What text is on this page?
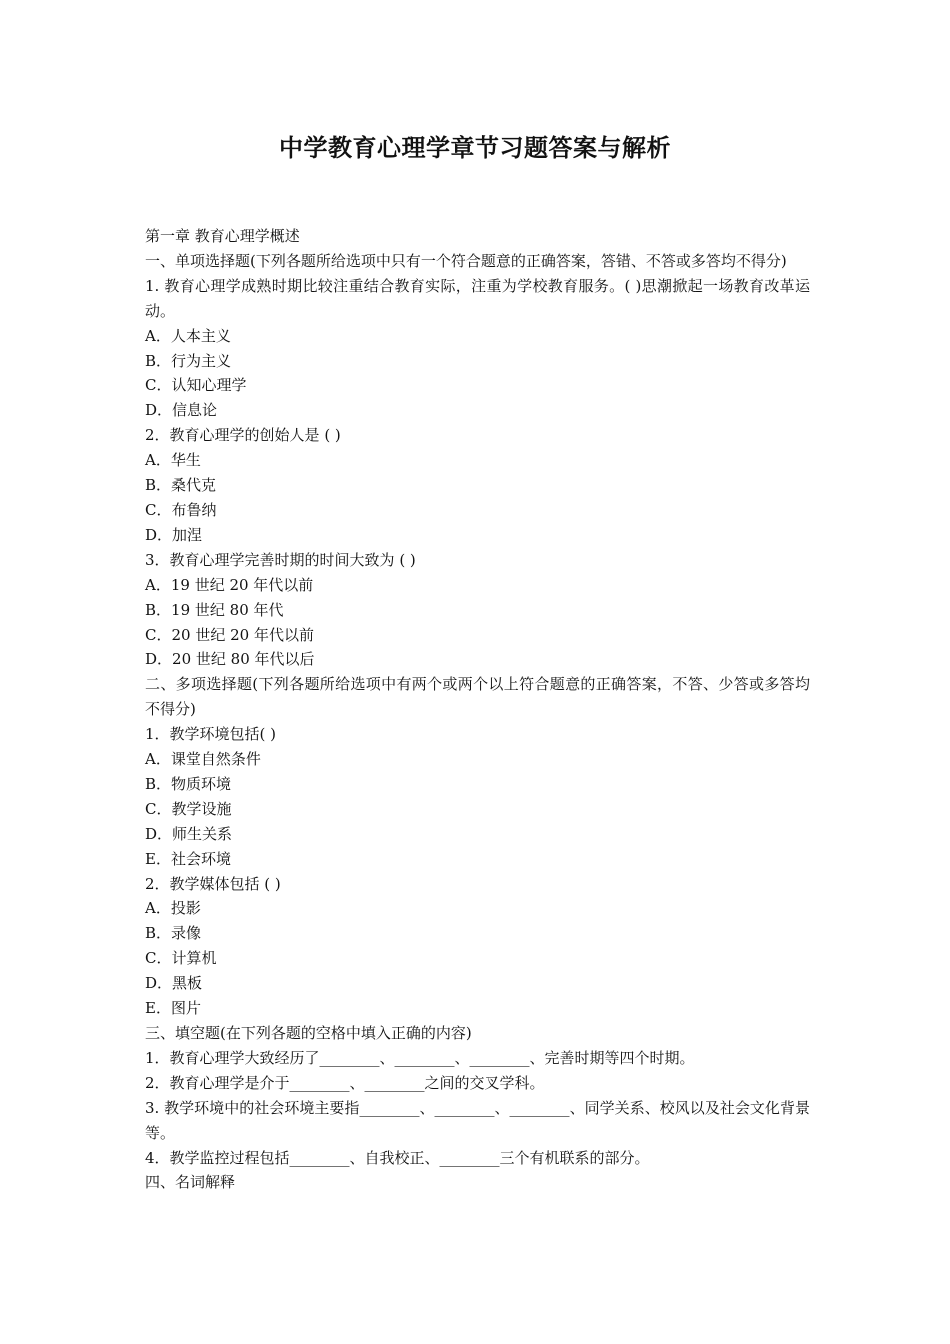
中学教育心理学章节习题答案与解析
第一章 教育心理学概述
一、单项选择题(下列各题所给选项中只有一个符合题意的正确答案，答错、不答或多答均不得分)
1. 教育心理学成熟时期比较注重结合教育实际，注重为学校教育服务。( )思潮掀起一场教育改革运动。
A．人本主义
B．行为主义
C．认知心理学
D．信息论
2．教育心理学的创始人是 ( )
A．华生
B．桑代克
C．布鲁纳
D．加涅
3．教育心理学完善时期的时间大致为 ( )
A．19 世纪 20 年代以前
B．19 世纪 80 年代
C．20 世纪 20 年代以前
D．20 世纪 80 年代以后
二、多项选择题(下列各题所给选项中有两个或两个以上符合题意的正确答案，不答、少答或多答均不得分)
1．教学环境包括( )
A．课堂自然条件
B．物质环境
C．教学设施
D．师生关系
E．社会环境
2．教学媒体包括 ( )
A．投影
B．录像
C．计算机
D．黑板
E．图片
三、填空题(在下列各题的空格中填入正确的内容)
1．教育心理学大致经历了________、________、________、完善时期等四个时期。
2．教育心理学是介于________、________之间的交叉学科。
3. 教学环境中的社会环境主要指________、________、________、同学关系、校风以及社会文化背景等。
4．教学监控过程包括________、自我校正、________三个有机联系的部分。
四、名词解释
